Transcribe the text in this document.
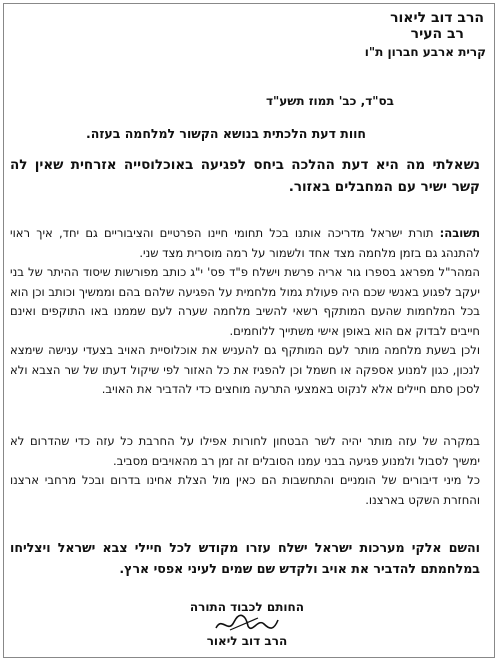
הרב דוב ליאור
רב העיר
קרית ארבע חברון ת"ו
בס"ד, כב' תמוז תשע"ד
חוות דעת הלכתית בנושא הקשור למלחמה בעזה.
נשאלתי מה היא דעת ההלכה ביחס לפגיעה באוכלוסייה אזרחית שאין לה קשר ישיר עם המחבלים באזור.

תשובה: תורת ישראל מדריכה אותנו בכל תחומי חיינו הפרטיים והציבוריים גם יחד, איך ראוי להתנהג גם בזמן מלחמה מצד אחד ולשמור על רמה מוסרית מצד שני.

המהר"ל מפראג בספרו גור אריה פרשת וישלח פ"ד פס' י"ג כותב מפורשות שיסוד ההיתר של בני יעקב לפגוע באנשי שכם היה פעולת גמול מלחמית על הפגיעה שלהם בהם וממשיך וכותב וכן הוא בכל המלחמות שהעם המותקף רשאי להשיב מלחמה שערה לעם שממנו באו התוקפים ואינם חייבים לבדוק אם הוא באופן אישי משתייך ללוחמים.

ולכן בשעת מלחמה מותר לעם המותקף גם להעניש את אוכלוסיית האויב בצעדי ענישה שימצא לנכון, כגון למנוע אספקה או חשמל וכן להפגיז את כל האזור לפי שיקול דעתו של שר הצבא ולא לסכן סתם חיילים אלא לנקוט באמצעי התרעה מוחצים כדי להדביר את האויב.

במקרה של עזה מותר יהיה לשר הבטחון לחורות אפילו על החרבת כל עזה כדי שהדרום לא ימשיך לסבול ולמנוע פגיעה בבני עמנו הסובלים זה זמן רב מהאויבים מסביב.

כל מיני דיבורים של הומניים והתחשבות הם כאין מול הצלת אחינו בדרום ובכל מרחבי ארצנו והחזרת השקט בארצנו.

והשם אלקי מערכות ישראל ישלח עזרו מקודש לכל חיילי צבא ישראל ויצליחו במלחמתם להדביר את אויב ולקדש שם שמים לעיני אפסי ארץ.
החותם לכבוד התורה
הרב דוב ליאור
